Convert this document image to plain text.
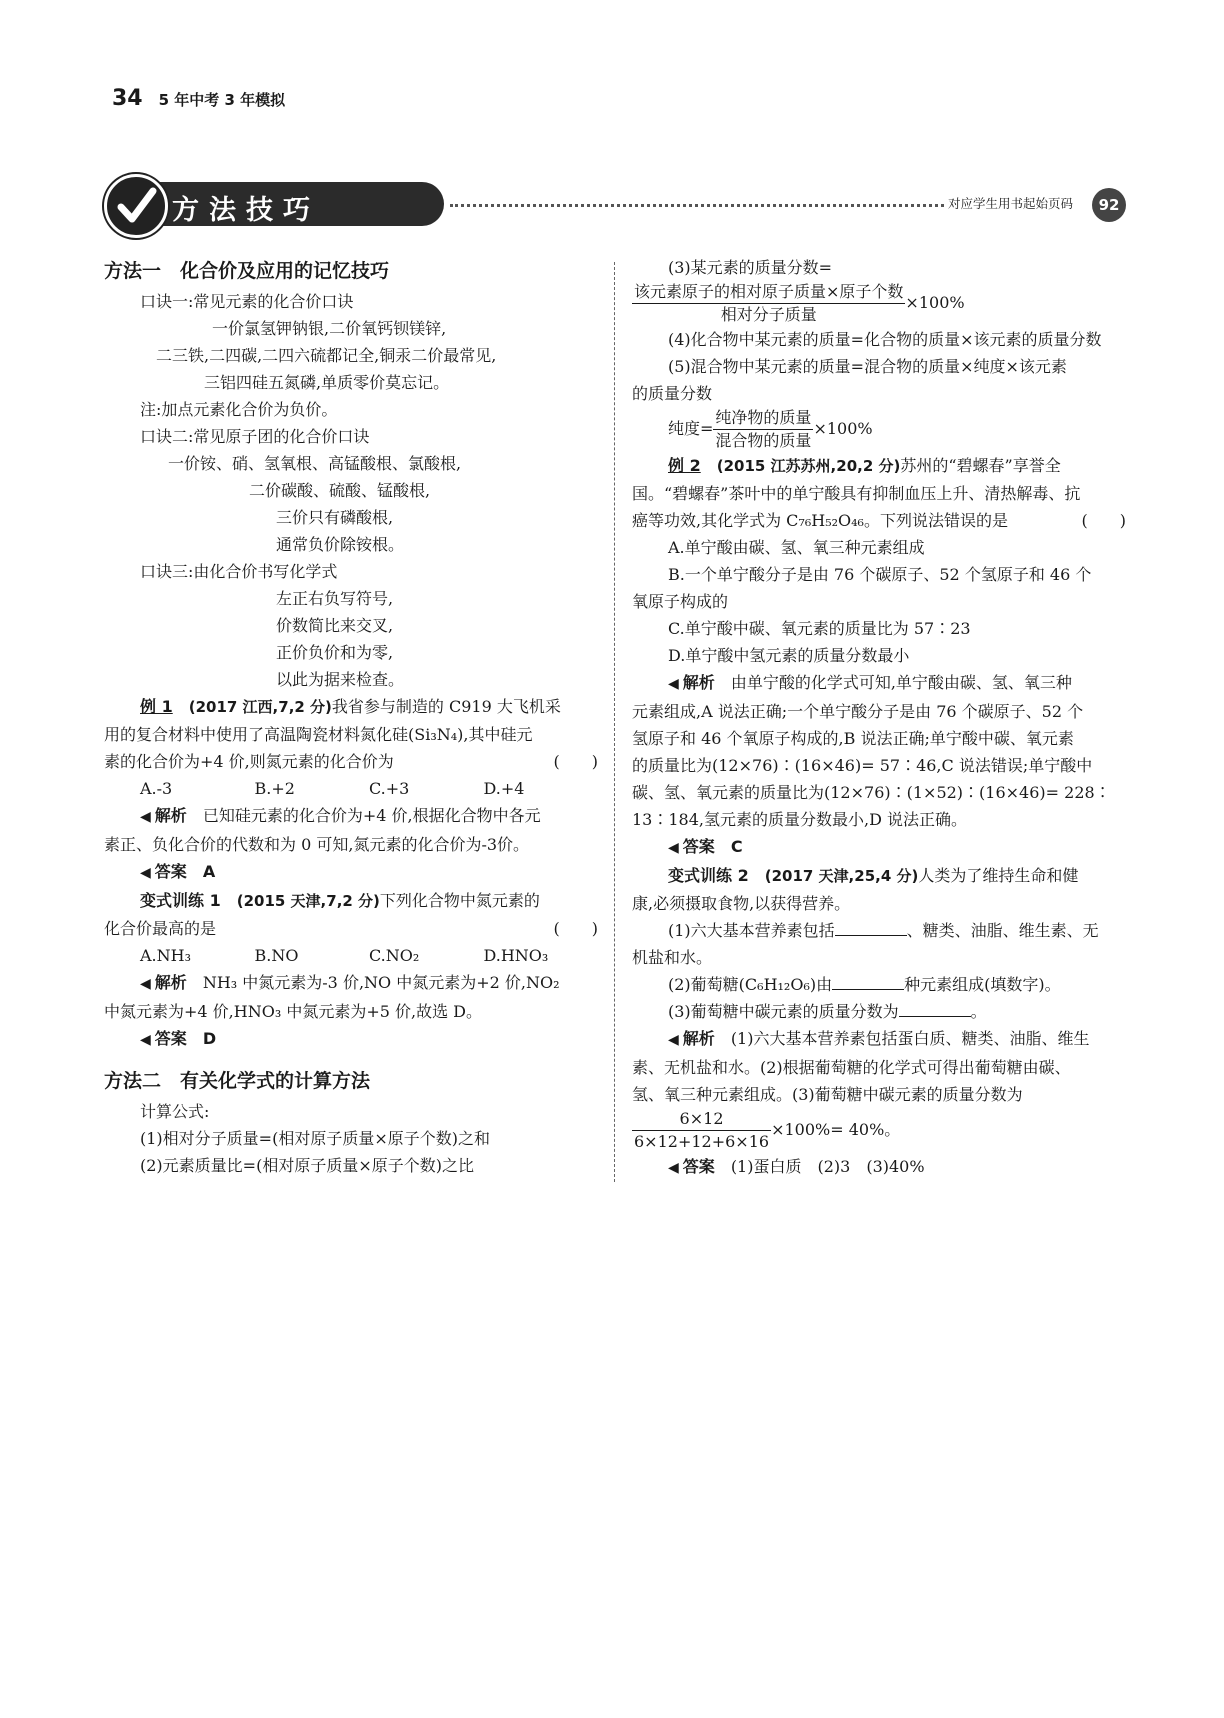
34 5 年中考 3 年模拟
方法技巧	对应学生用书起始页码	92

方法一　化合价及应用的记忆技巧

口诀一:常见元素的化合价口诀

一价氯氢钾钠银,二价氧钙钡镁锌,

二三铁,二四碳,二四六硫都记全,铜汞二价最常见,

三铝四硅五氮磷,单质零价莫忘记。

注:加点元素化合价为负价。

口诀二:常见原子团的化合价口诀

一价铵、硝、氢氧根、高锰酸根、氯酸根,

二价碳酸、硫酸、锰酸根,

三价只有磷酸根,

通常负价除铵根。

口诀三:由化合价书写化学式

左正右负写符号,

价数简比来交叉,

正价负价和为零,

以此为据来检查。

例 1　 (2017 江西,7,2 分)我省参与制造的 C919 大飞机采

用的复合材料中使用了高温陶瓷材料氮化硅(Si₃N₄),其中硅元

素的化合价为+4 价,则氮元素的化合价为	(　　)

A.-3	B.+2	C.+3	D.+4

◀ 解析　 已知硅元素的化合价为+4 价,根据化合物中各元

素正、负化合价的代数和为 0 可知,氮元素的化合价为-3价。

◀ 答案　 A

变式训练 1　 (2015 天津,7,2 分)下列化合物中氮元素的

化合价最高的是	(　　)

A.NH₃	B.NO	C.NO₂	D.HNO₃

◀ 解析　 NH₃ 中氮元素为-3 价,NO 中氮元素为+2 价,NO₂

中氮元素为+4 价,HNO₃ 中氮元素为+5 价,故选 D。

◀ 答案　 D

方法二　有关化学式的计算方法

计算公式:

(1)相对分子质量=(相对原子质量×原子个数)之和

(2)元素质量比=(相对原子质量×原子个数)之比

(3)某元素的质量分数=

$\frac{\text{该元素原子的相对原子质量×原子个数}}{\text{相对分子质量}} \times 100\%$

(4)化合物中某元素的质量=化合物的质量×该元素的质量分数

(5)混合物中某元素的质量=混合物的质量×纯度×该元素

的质量分数

纯度= $\frac{\text{纯净物的质量}}{\text{混合物的质量}} \times 100\%$

例 2　 (2015 江苏苏州,20,2 分)苏州的“碧螺春”享誉全

国。“碧螺春”茶叶中的单宁酸具有抑制血压上升、清热解毒、抗

癌等功效,其化学式为 C₇₆H₅₂O₄₆。下列说法错误的是	(　　)

A.单宁酸由碳、氢、氧三种元素组成

B.一个单宁酸分子是由 76 个碳原子、52 个氢原子和 46 个

氧原子构成的

C.单宁酸中碳、氧元素的质量比为 57∶23

D.单宁酸中氢元素的质量分数最小

◀ 解析　 由单宁酸的化学式可知,单宁酸由碳、氢、氧三种

元素组成,A 说法正确;一个单宁酸分子是由 76 个碳原子、52 个

氢原子和 46 个氧原子构成的,B 说法正确;单宁酸中碳、氧元素

的质量比为(12×76)∶(16×46)= 57∶46,C 说法错误;单宁酸中

碳、氢、氧元素的质量比为(12×76)∶(1×52)∶(16×46)= 228∶

13∶184,氢元素的质量分数最小,D 说法正确。

◀ 答案　 C

变式训练 2　 (2017 天津,25,4 分)人类为了维持生命和健

康,必须摄取食物,以获得营养。

(1)六大基本营养素包括	、糖类、油脂、维生素、无

机盐和水。

(2)葡萄糖(C₆H₁₂O₆)由	种元素组成(填数字)。

(3)葡萄糖中碳元素的质量分数为	。

◀ 解析　 (1)六大基本营养素包括蛋白质、糖类、油脂、维生

素、无机盐和水。(2)根据葡萄糖的化学式可得出葡萄糖由碳、

氢、氧三种元素组成。(3)葡萄糖中碳元素的质量分数为

$\frac{6\times 12}{6\times 12+12+6\times 16} \times 100\%= 40\%$。

◀ 答案　 (1)蛋白质　(2)3　(3)40%
